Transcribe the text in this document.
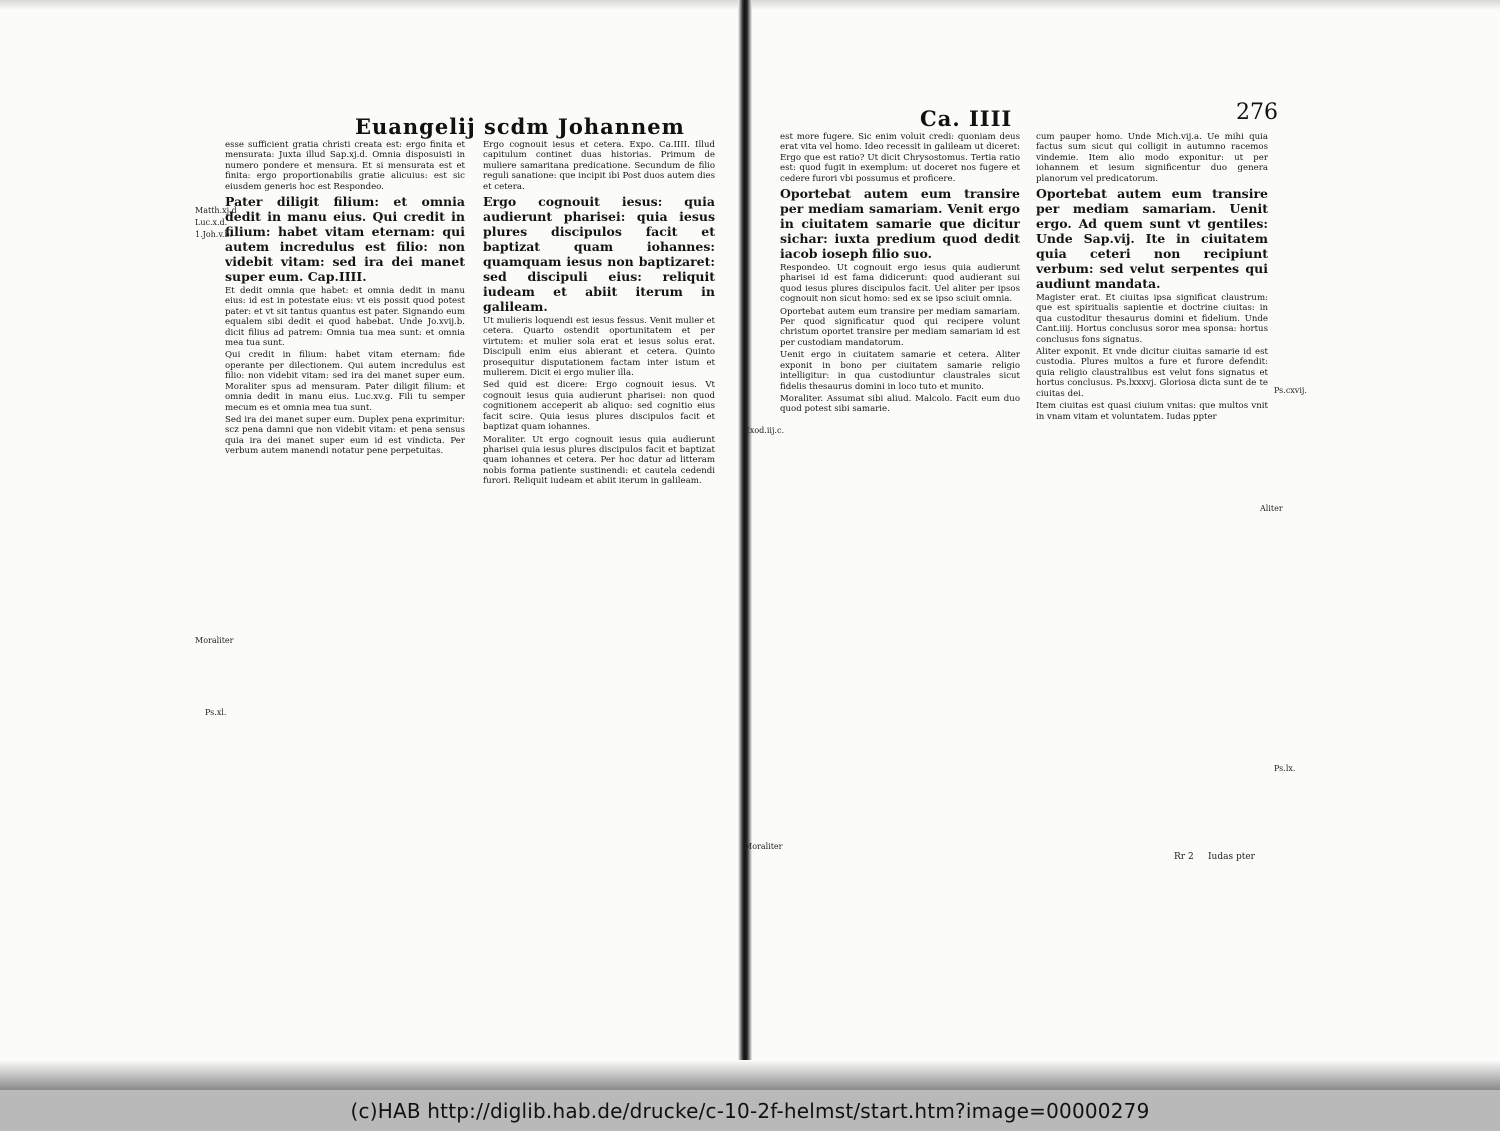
Euangelij scdm Johannem

esse sufficient gratia christi creata est: ergo finita et mensurata: Juxta illud Sap.xj.d. Omnia disposuisti in numero pondere et mensura. Et si mensurata est et finita: ergo proportionabilis gratie alicuius: est sic eiusdem generis hoc est Respondeo.

Pater diligit filium: et omnia dedit in manu eius. Qui credit in filium: habet vitam eternam: qui autem incredulus est filio: non videbit vitam: sed ira dei manet super eum. Cap.IIII.

Et dedit omnia que habet: et omnia dedit in manu eius: id est in potestate eius: vt eis possit quod potest pater: et vt sit tantus quantus est pater. Signando eum equalem sibi dedit ei quod habebat. Unde Jo.xvij.b. dicit filius ad patrem: Omnia tua mea sunt: et omnia mea tua sunt.

Qui credit in filium: habet vitam eternam: fide operante per dilectionem. Qui autem incredulus est filio: non videbit vitam: sed ira dei manet super eum. Moraliter spus ad mensuram. Pater diligit filium: et omnia dedit in manu eius. Luc.xv.g. Fili tu semper mecum es et omnia mea tua sunt.

Sed ira dei manet super eum. Duplex pena exprimitur: scz pena damni que non videbit vitam: et pena sensus quia ira dei manet super eum id est vindicta. Per verbum autem manendi notatur pene perpetuitas.

Ergo cognouit iesus et cetera. Expo. Ca.IIII. Illud capitulum continet duas historias. Primum de muliere samaritana predicatione. Secundum de filio reguli sanatione: que incipit ibi Post duos autem dies et cetera.

Ergo cognouit iesus: quia audierunt pharisei: quia iesus plures discipulos facit et baptizat quam iohannes: quamquam iesus non baptizaret: sed discipuli eius: reliquit iudeam et abiit iterum in galileam.

Ut mulieris loquendi est iesus fessus. Venit mulier et cetera. Quarto ostendit oportunitatem et per virtutem: et mulier sola erat et iesus solus erat. Discipuli enim eius abierant et cetera. Quinto prosequitur disputationem factam inter istum et mulierem. Dicit ei ergo mulier illa.

Sed quid est dicere: Ergo cognouit iesus. Vt cognouit iesus quia audierunt pharisei: non quod cognitionem acceperit ab aliquo: sed cognitio eius facit scire. Quia iesus plures discipulos facit et baptizat quam iohannes.

Moraliter. Ut ergo cognouit iesus quia audierunt pharisei quia iesus plures discipulos facit et baptizat quam iohannes et cetera. Per hoc datur ad litteram nobis forma patiente sustinendi: et cautela cedendi furori. Reliquit iudeam et abiit iterum in galileam.

Matth.xj.d
Luc.x.d.
1.Joh.v.b.
Moraliter
Ps.xl.
Ca. IIII	276

est more fugere. Sic enim voluit credi: quoniam deus erat vita vel homo. Ideo recessit in galileam ut diceret: Ergo que est ratio? Ut dicit Chrysostomus. Tertia ratio est: quod fugit in exemplum: ut doceret nos fugere et cedere furori vbi possumus et proficere.

Oportebat autem eum transire per mediam samariam. Venit ergo in ciuitatem samarie que dicitur sichar: iuxta predium quod dedit iacob ioseph filio suo.

Respondeo. Ut cognouit ergo iesus quia audierunt pharisei id est fama didicerunt: quod audierant sui quod iesus plures discipulos facit. Uel aliter per ipsos cognouit non sicut homo: sed ex se ipso sciuit omnia.

Oportebat autem eum transire per mediam samariam. Per quod significatur quod qui recipere volunt christum oportet transire per mediam samariam id est per custodiam mandatorum.

Uenit ergo in ciuitatem samarie et cetera. Aliter exponit in bono per ciuitatem samarie religio intelligitur: in qua custodiuntur claustrales sicut fidelis thesaurus domini in loco tuto et munito.

Moraliter. Assumat sibi aliud. Malcolo. Facit eum duo quod potest sibi samarie.

cum pauper homo. Unde Mich.vij.a. Ue mihi quia factus sum sicut qui colligit in autumno racemos vindemie. Item alio modo exponitur: ut per iohannem et iesum significentur duo genera planorum vel predicatorum.

Oportebat autem eum transire per mediam samariam. Uenit ergo. Ad quem sunt vt gentiles: Unde Sap.vij. Ite in ciuitatem quia ceteri non recipiunt verbum: sed velut serpentes qui audiunt mandata.

Magister erat. Et ciuitas ipsa significat claustrum: que est spiritualis sapientie et doctrine ciuitas: in qua custoditur thesaurus domini et fidelium. Unde Cant.iiij. Hortus conclusus soror mea sponsa: hortus conclusus fons signatus.

Aliter exponit. Et vnde dicitur ciuitas samarie id est custodia. Plures multos a fure et furore defendit: quia religio claustralibus est velut fons signatus et hortus conclusus. Ps.lxxxvj. Gloriosa dicta sunt de te ciuitas dei.

Item ciuitas est quasi ciuium vnitas: que multos vnit in vnam vitam et voluntatem. Iudas ppter

Ps.cxvij.
Ps.lx.
Aliter
Moraliter
Exod.iij.c.
Rr 2 Iudas pter
(c)HAB http://diglib.hab.de/drucke/c-10-2f-helmst/start.htm?image=00000279
